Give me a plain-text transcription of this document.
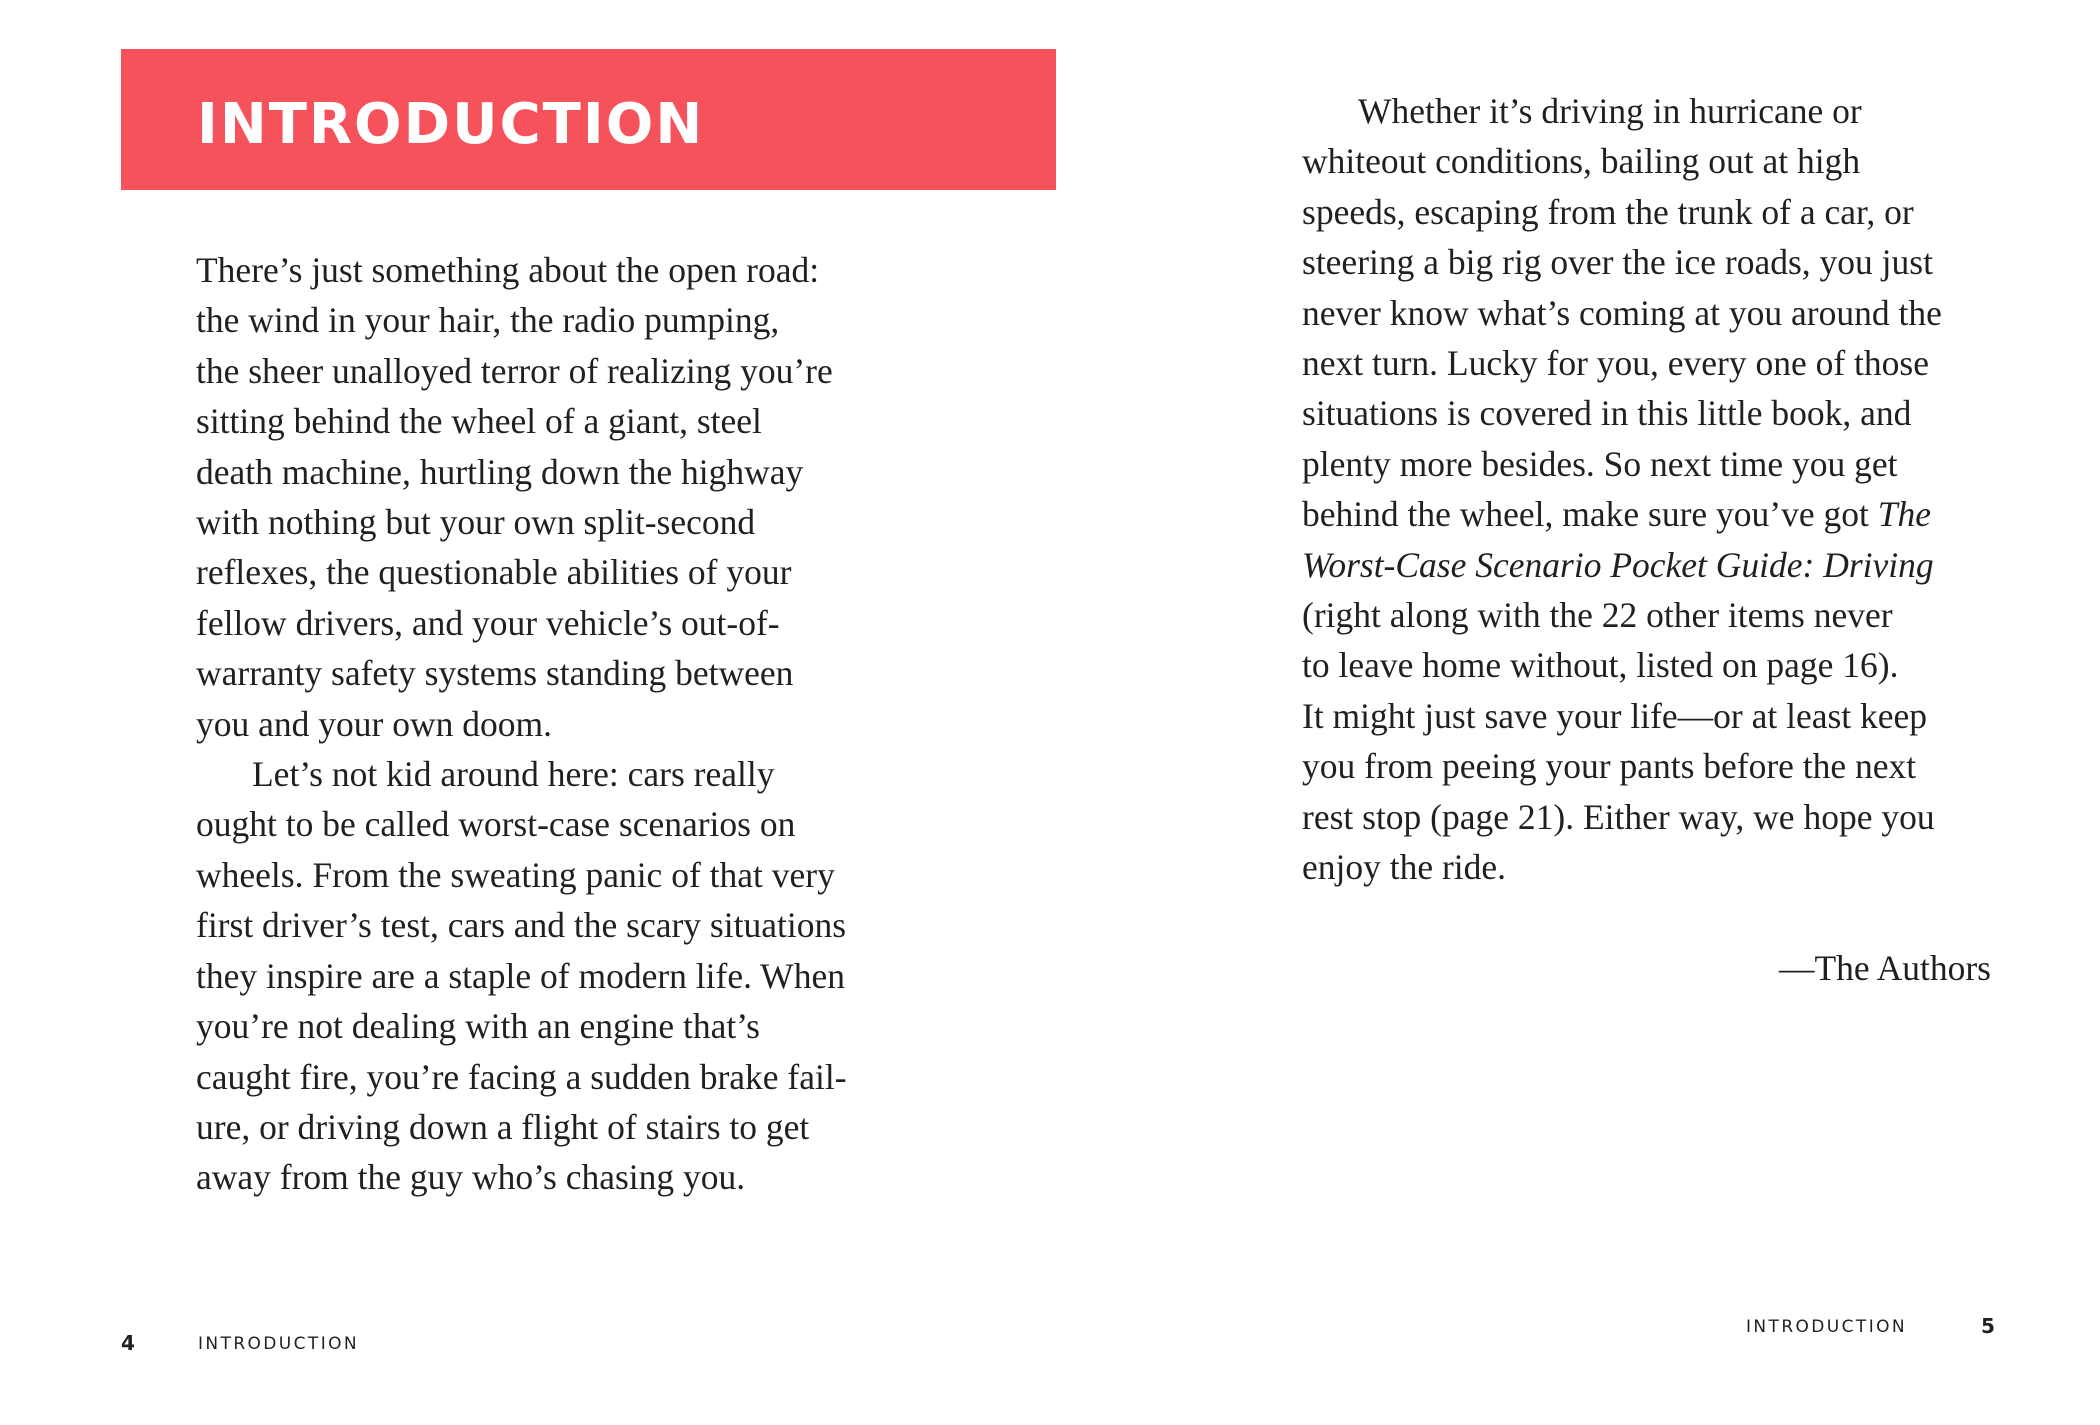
INTRODUCTION
There’s just something about the open road:
the wind in your hair, the radio pumping,
the sheer unalloyed terror of realizing you’re
sitting behind the wheel of a giant, steel
death machine, hurtling down the highway
with nothing but your own split-second
reflexes, the questionable abilities of your
fellow drivers, and your vehicle’s out-of-
warranty safety systems standing between
you and your own doom.
Let’s not kid around here: cars really
ought to be called worst-case scenarios on
wheels. From the sweating panic of that very
first driver’s test, cars and the scary situations
they inspire are a staple of modern life. When
you’re not dealing with an engine that’s
caught fire, you’re facing a sudden brake fail-
ure, or driving down a flight of stairs to get
away from the guy who’s chasing you.
4	INTRODUCTION
Whether it’s driving in hurricane or
whiteout conditions, bailing out at high
speeds, escaping from the trunk of a car, or
steering a big rig over the ice roads, you just
never know what’s coming at you around the
next turn. Lucky for you, every one of those
situations is covered in this little book, and
plenty more besides. So next time you get
behind the wheel, make sure you’ve got The
Worst-Case Scenario Pocket Guide: Driving
(right along with the 22 other items never
to leave home without, listed on page 16).
It might just save your life—or at least keep
you from peeing your pants before the next
rest stop (page 21). Either way, we hope you
enjoy the ride.
—The Authors
INTRODUCTION	5
